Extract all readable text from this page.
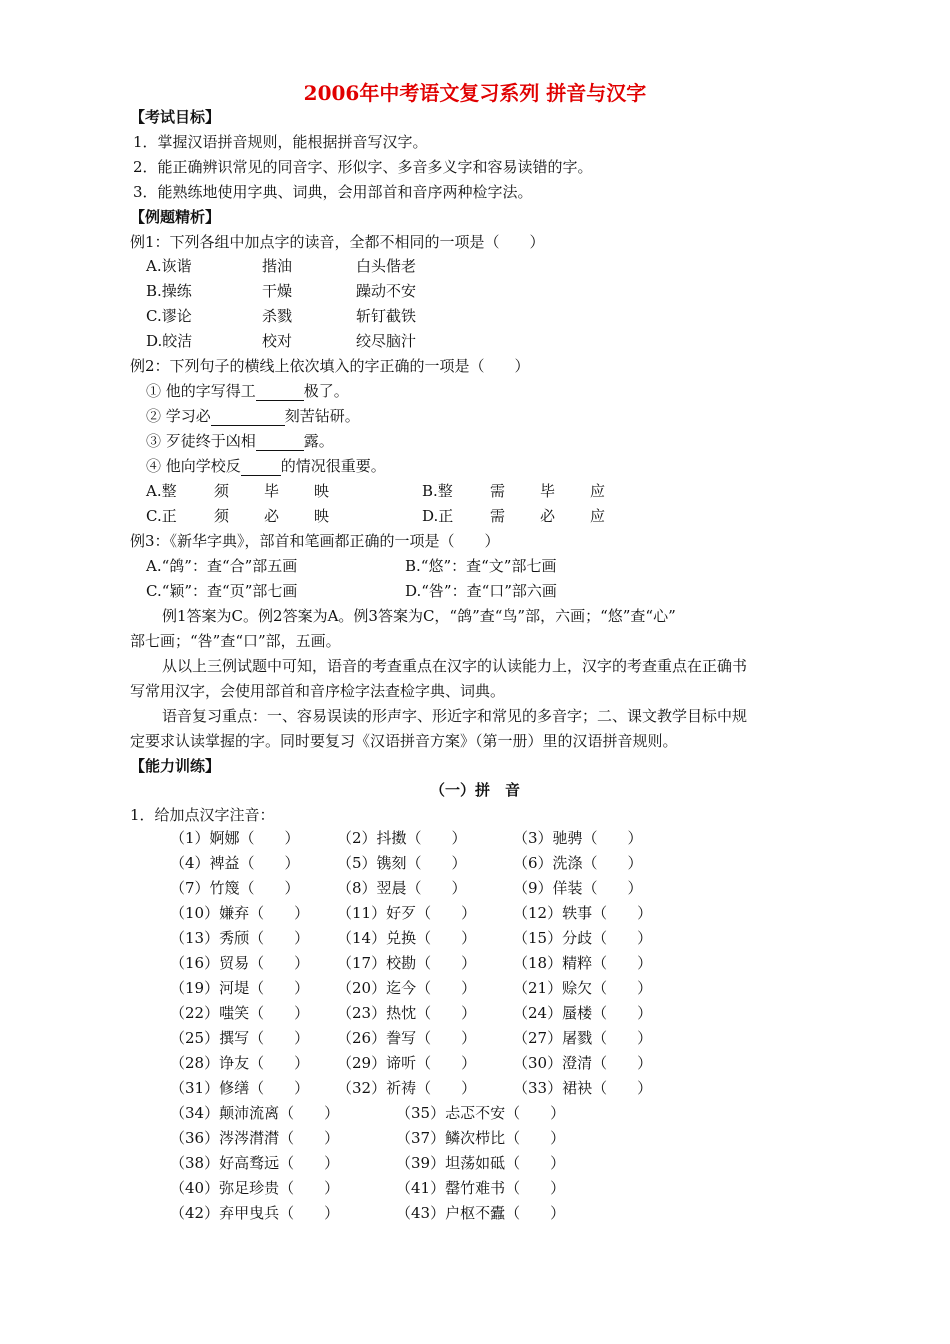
2006年中考语文复习系列 拼音与汉字
【考试目标】
1．掌握汉语拼音规则，能根据拼音写汉字。
2．能正确辨识常见的同音字、形似字、多音多义字和容易读错的字。
3．能熟练地使用字典、词典，会用部首和音序两种检字法。
【例题精析】
例1：下列各组中加点字的读音，全都不相同的一项是（　　）
A.诙谐	揩油	白头偕老
B.操练	干燥	躁动不安
C.谬论	杀戮	斩钉截铁
D.皎洁	校对	绞尽脑汁
例2：下列句子的横线上依次填入的字正确的一项是（　　）
① 他的字写得工	极了。
② 学习必	刻苦钻研。
③ 歹徒终于凶相	露。
④ 他向学校反	的情况很重要。
A.整 须 毕 映	B.整 需 毕 应
C.正 须 必 映	D.正 需 必 应
例3：《新华字典》，部首和笔画都正确的一项是（　　）
A.“鸽”：查“合”部五画	B.“悠”：查“文”部七画
C.“颖”：查“页”部七画	D.“咎”：查“口”部六画
例1答案为C。例2答案为A。例3答案为C，“鸽”查“鸟”部，六画；“悠”查“心”
部七画；“咎”查“口”部，五画。
从以上三例试题中可知，语音的考查重点在汉字的认读能力上，汉字的考查重点在正确书
写常用汉字，会使用部首和音序检字法查检字典、词典。
语音复习重点：一、容易误读的形声字、形近字和常见的多音字；二、课文教学目标中规
定要求认读掌握的字。同时要复习《汉语拼音方案》（第一册）里的汉语拼音规则。
【能力训练】
（一）拼　音
1．给加点汉字注音：
（1）婀娜（　　） （2）抖擞（　　）	（3）驰骋（　　）
（4）裨益（　　） （5）镌刻（　　）	（6）洗涤（　　）
（7）竹篾（　　） （8）翌晨（　　）	（9）佯装（　　）
（10）嫌弃（　　） （11）好歹（　　） （12）轶事（　　）
（13）秀颀（　　） （14）兑换（　　） （15）分歧（　　）
（16）贸易（　　） （17）校勘（　　） （18）精粹（　　）
（19）河堤（　　） （20）迄今（　　） （21）赊欠（　　）
（22）嗤笑（　　） （23）热忱（　　） （24）蜃楼（　　）
（25）撰写（　　） （26）誊写（　　） （27）屠戮（　　）
（28）诤友（　　） （29）谛听（　　） （30）澄清（　　）
（31）修缮（　　） （32）祈祷（　　） （33）裙袂（　　）
（34）颠沛流离（　　）	（35）忐忑不安（　　）
（36）涔涔潸潸（　　）	（37）鳞次栉比（　　）
（38）好高骛远（　　）	（39）坦荡如砥（　　）
（40）弥足珍贵（　　）	（41）罄竹难书（　　）
（42）弃甲曳兵（　　）	（43）户枢不蠹（　　）
